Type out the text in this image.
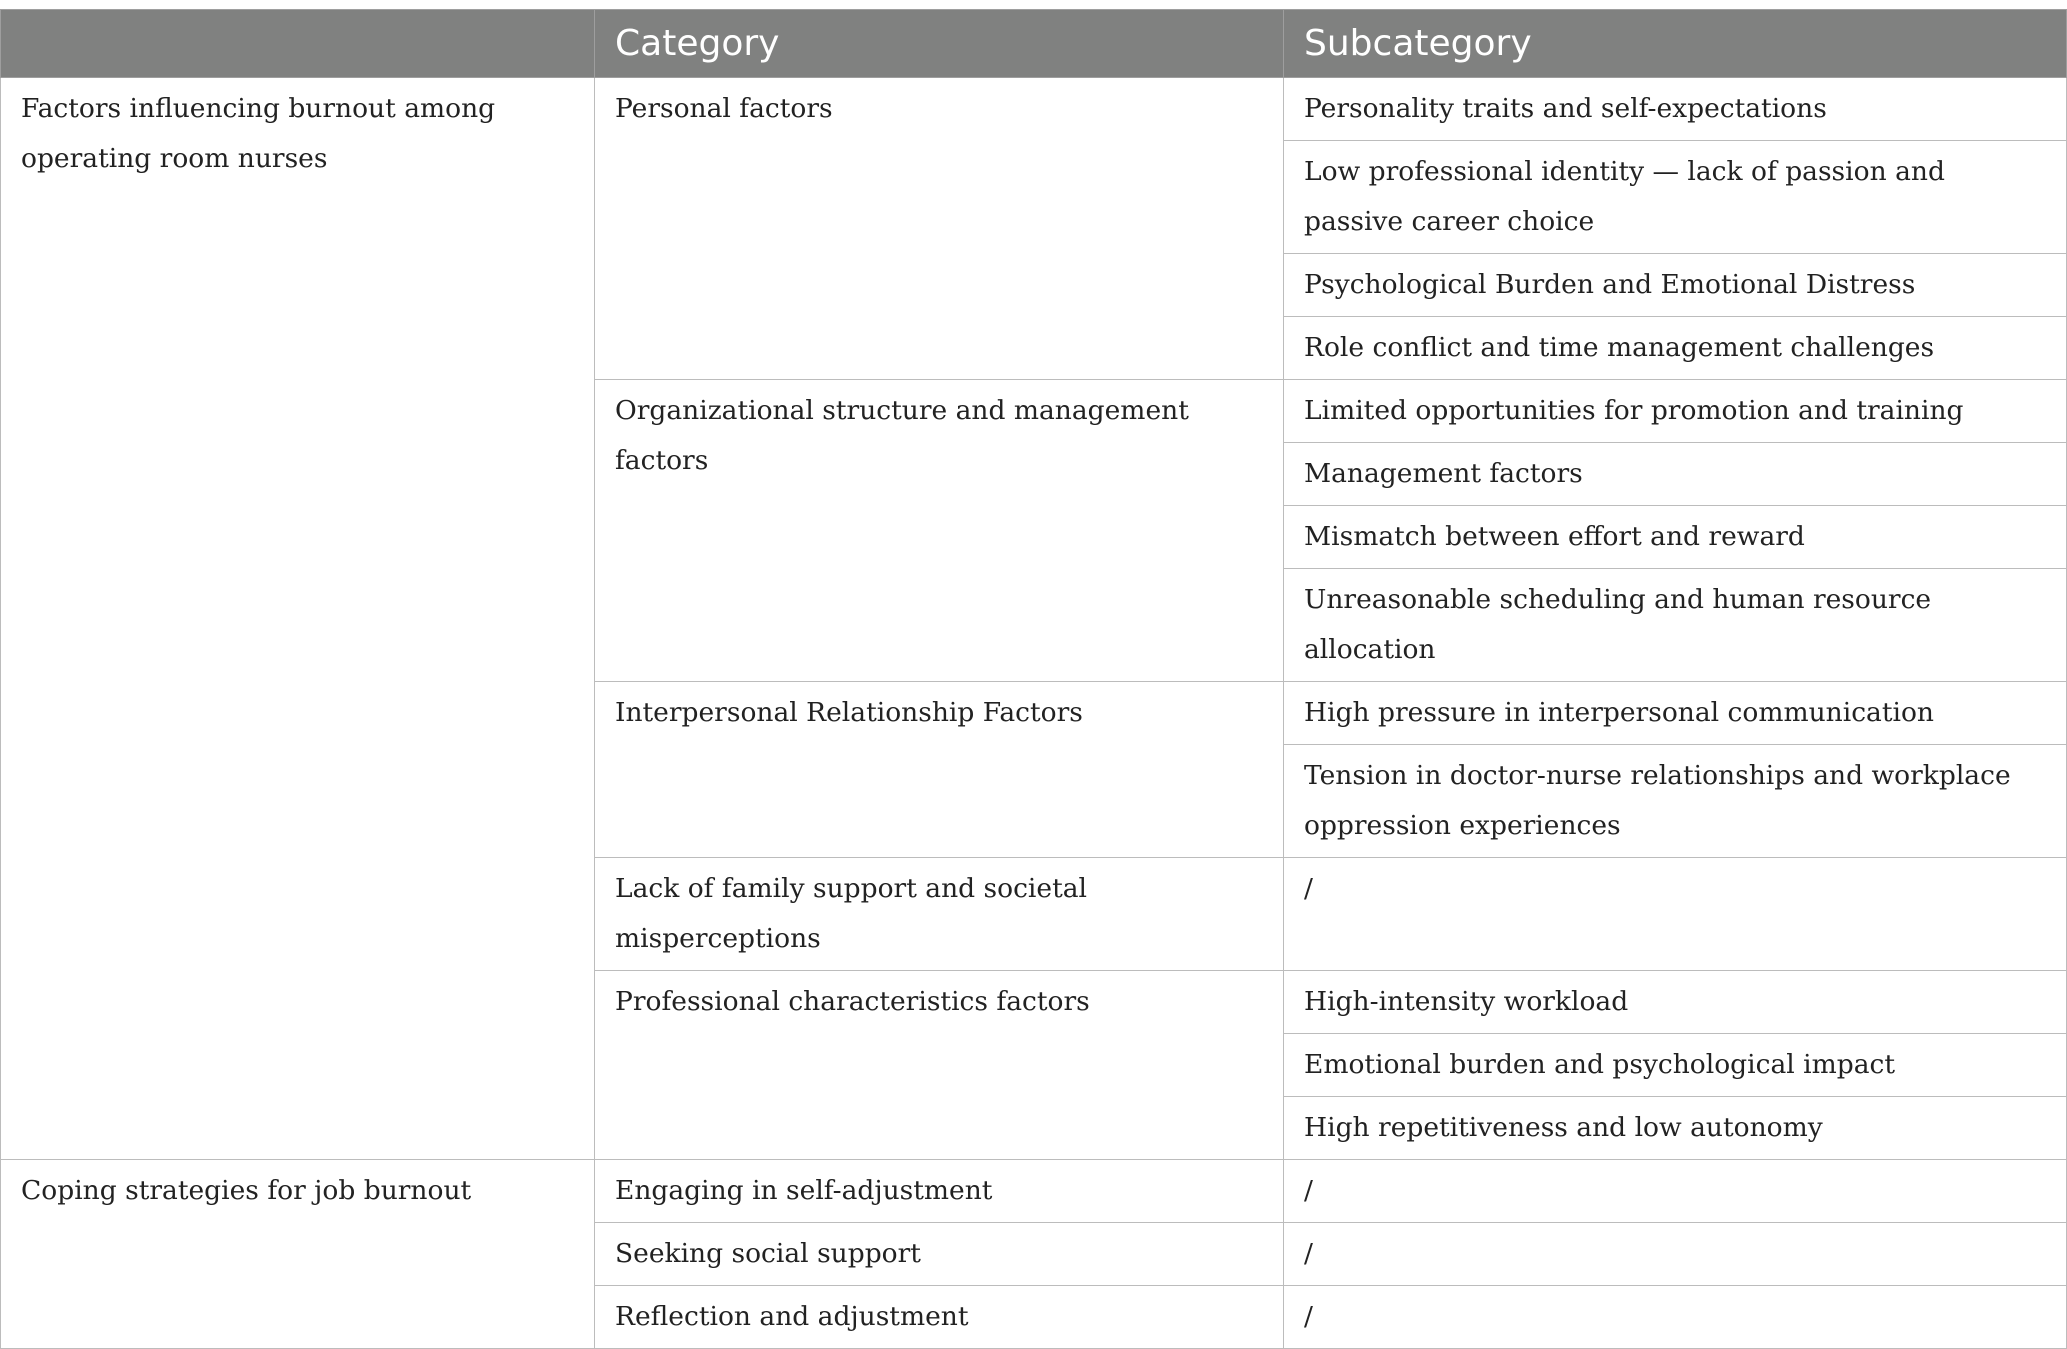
	Category	Subcategory
Factors influencing burnout among operating room nurses	Personal factors	Personality traits and self-expectations
		Low professional identity — lack of passion and passive career choice
		Psychological Burden and Emotional Distress
		Role conflict and time management challenges
	Organizational structure and management factors	Limited opportunities for promotion and training
		Management factors
		Mismatch between effort and reward
		Unreasonable scheduling and human resource allocation
	Interpersonal Relationship Factors	High pressure in interpersonal communication
		Tension in doctor-nurse relationships and workplace oppression experiences
	Lack of family support and societal misperceptions	/
	Professional characteristics factors	High-intensity workload
		Emotional burden and psychological impact
		High repetitiveness and low autonomy
Coping strategies for job burnout	Engaging in self-adjustment	/
	Seeking social support	/
	Reflection and adjustment	/
